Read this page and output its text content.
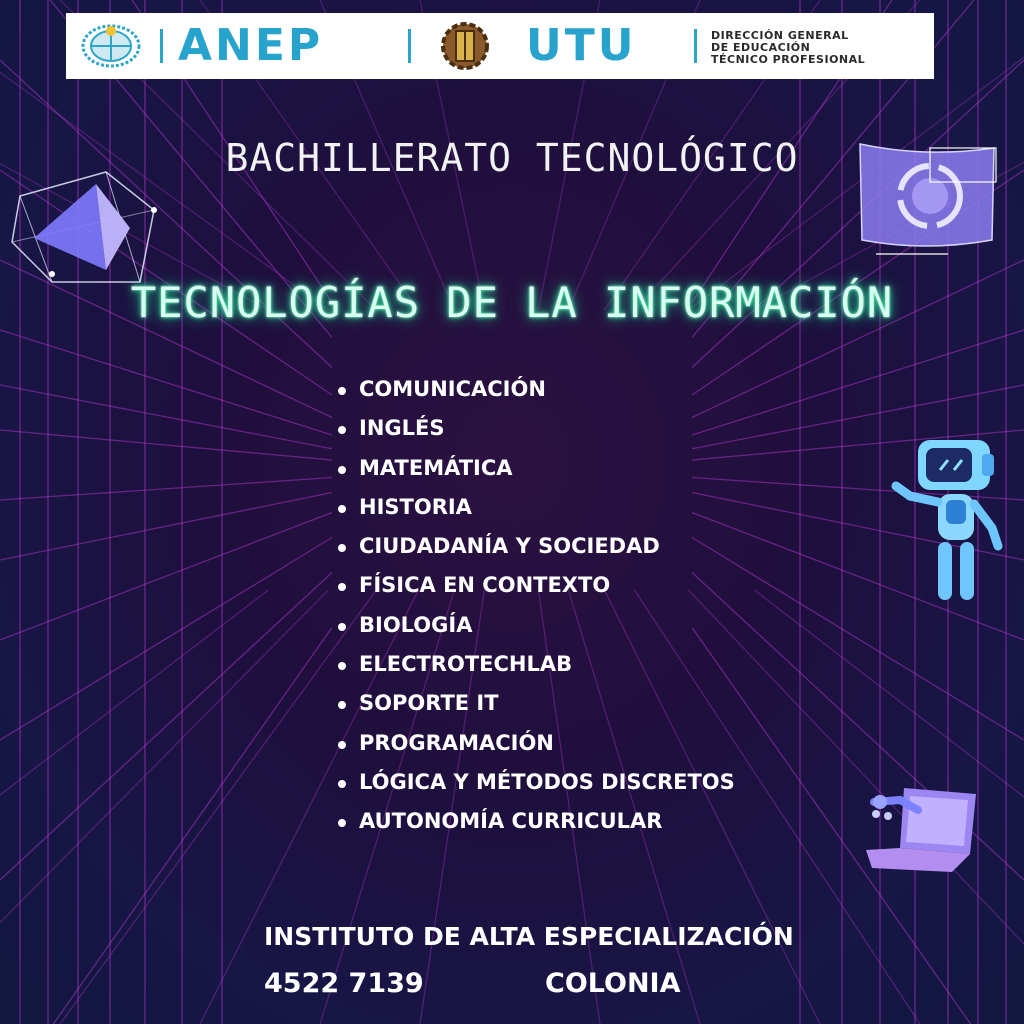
ANEP	UTU	DIRECCIÓN GENERAL
DE EDUCACIÓN
TÉCNICO PROFESIONAL
BACHILLERATO TECNOLÓGICO
TECNOLOGÍAS DE LA INFORMACIÓN
COMUNICACIÓN
INGLÉS
MATEMÁTICA
HISTORIA
CIUDADANÍA Y SOCIEDAD
FÍSICA EN CONTEXTO
BIOLOGÍA
ELECTROTECHLAB
SOPORTE IT
PROGRAMACIÓN
LÓGICA Y MÉTODOS DISCRETOS
AUTONOMÍA CURRICULAR
INSTITUTO DE ALTA ESPECIALIZACIÓN
4522 7139	COLONIA
